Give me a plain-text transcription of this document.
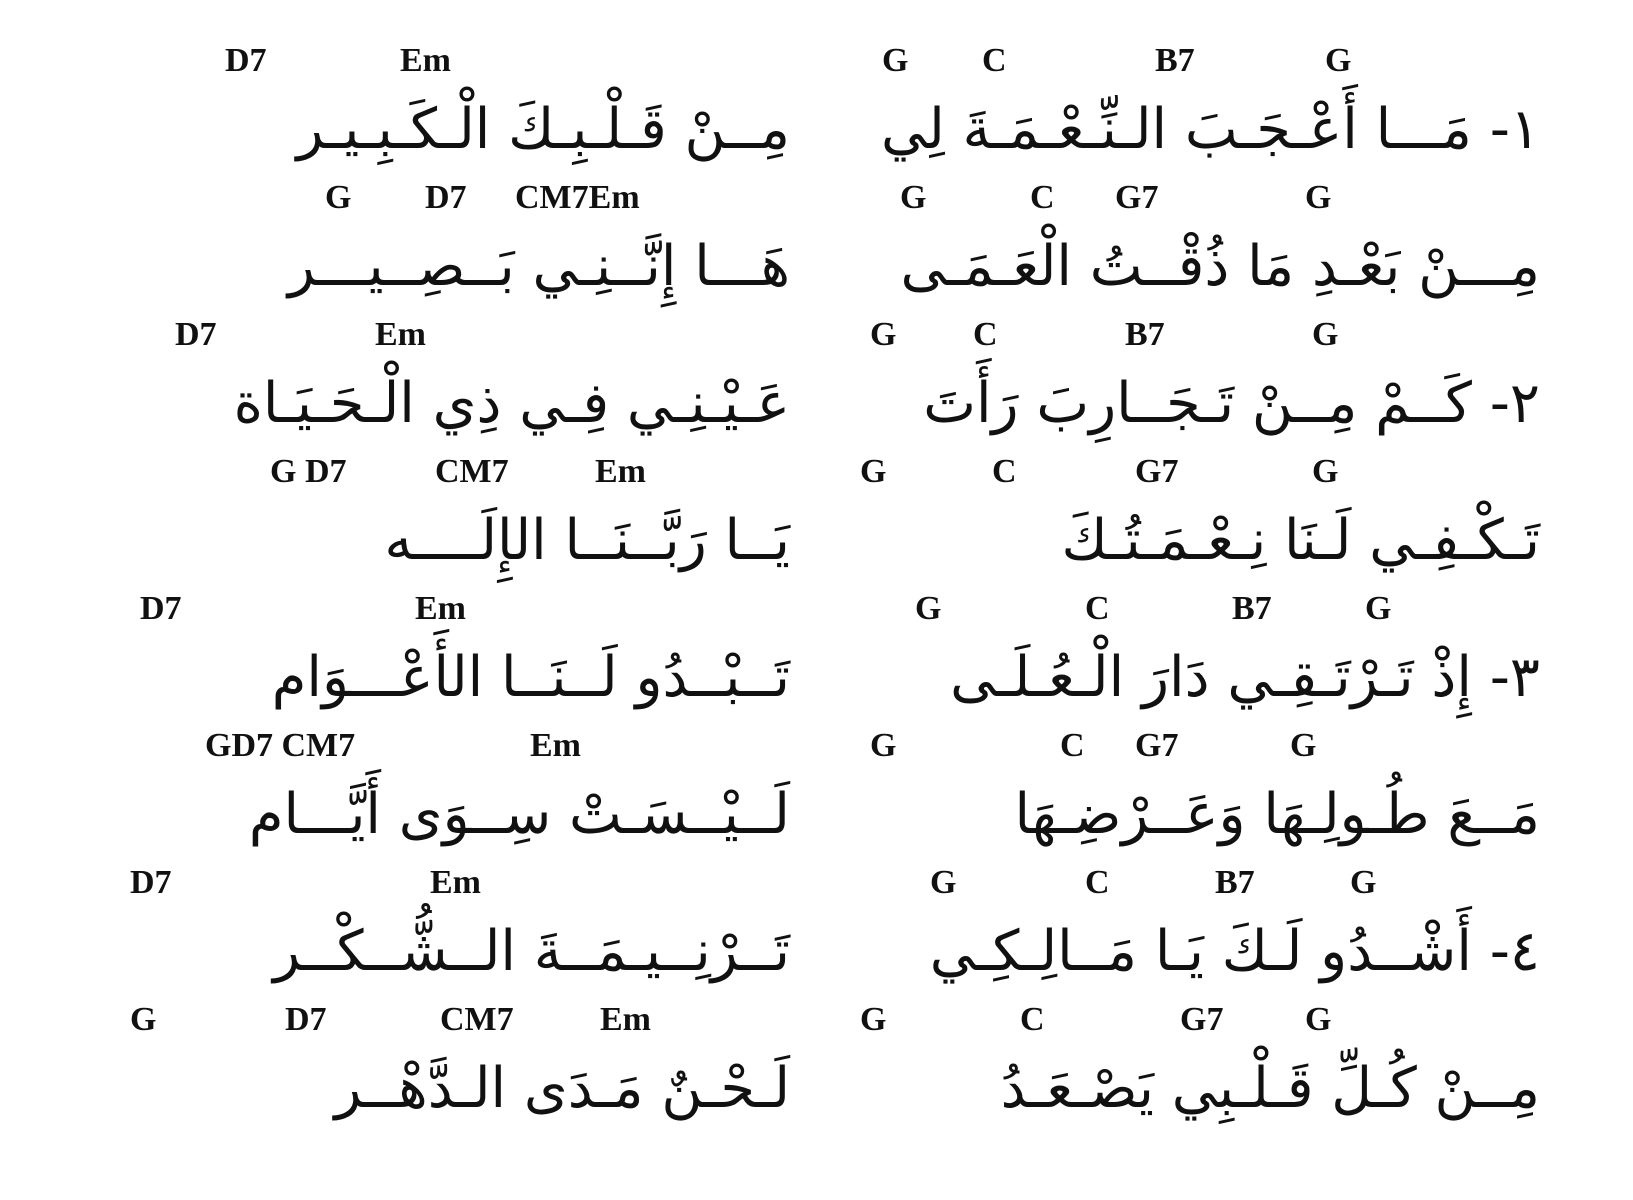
G C	B7	G
١- مَـــا أَعْـجَـبَ الـنِّـعْـمَـةَ لِي
G	C G7	G
مِـــنْ بَعْـدِ مَا ذُقْــتُ الْعَـمَـى
G C	B7	G
٢- كَــمْ مِــنْ تَـجَــارِبَ رَأَتَ
G	C	G7	G
تَـكْـفِـي لَـنَا نِـعْـمَـتُـكَ
G	C	B7	G
٣- إِذْ تَـرْتَـقِـي دَارَ الْـعُـلَـى
G	C G7	G
مَــعَ طُـولِـهَا وَعَــرْضِـهَا
G	C	B7	G
٤- أَشْــدُو لَـكَ يَـا مَــالِـكِـي
G	C	G7 G
مِــنْ كُـلِّ قَـلْـبِي يَصْـعَـدُ
D7	Em
مِــنْ قَـلْـبِـكَ الْـكَـبِـيـر
G D7 CM7Em
هَـــا إِنَّــنِـي بَــصِــيـــر
D7	Em
عَـيْـنِـي فِـي ذِي الْـحَـيَـاة
G D7	CM7	Em
يَــا رَبَّــنَــا الإِلَــــه
D7	Em
تَــبْــدُو لَــنَــا الأَعْـــوَام
GD7 CM7	Em
لَــيْــسَـتْ سِــوَى أَيَّـــام
D7	Em
تَــرْنِــيـمَــةَ الــشُّــكْــر
G	D7	CM7	Em
لَـحْـنٌ مَـدَى الـدَّهْــر
